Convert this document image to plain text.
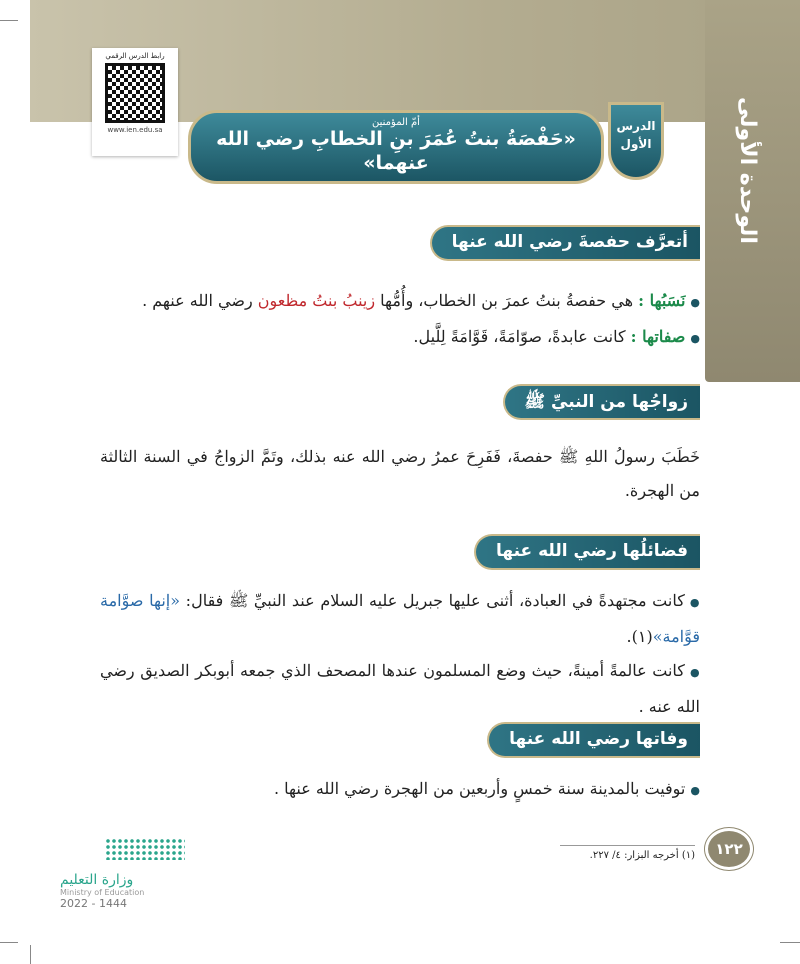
الوحدة الأولى
رابط الدرس الرقمي
www.ien.edu.sa
أمّ المؤمنين
«حَفْصَةُ بنتُ عُمَرَ بنِ الخطابِ رضي الله عنهما»
الدرس
الأول
أتعرَّف حفصةَ رضي الله عنها
● نَسَبُها : هي حفصةُ بنتُ عمرَ بن الخطاب، وأُمُّها زينبُ بنتُ مظعون رضي الله عنهم .
● صفاتها : كانت عابدةً، صوّامَةً، قَوَّامَةً لِلَّيل.
زواجُها من النبيِّ ﷺ
خَطَبَ رسولُ اللهِ ﷺ حفصةَ، فَفَرِحَ عمرُ رضي الله عنه بذلك، وتَمَّ الزواجُ في السنة الثالثة من الهجرة.
فضائلُها رضي الله عنها
● كانت مجتهدةً في العبادة، أثنى عليها جبريل عليه السلام عند النبيِّ ﷺ فقال: «إنها صوَّامة قوَّامة»(١).
● كانت عالمةً أمينةً، حيث وضع المسلمون عندها المصحف الذي جمعه أبوبكر الصديق رضي الله عنه .
وفاتها رضي الله عنها
● توفيت بالمدينة سنة خمسٍ وأربعين من الهجرة رضي الله عنها .
(١) أخرجه البزار: ٤/ ٢٢٧.	١٢٢
وزارة التعليم
Ministry of Education
2022 - 1444
